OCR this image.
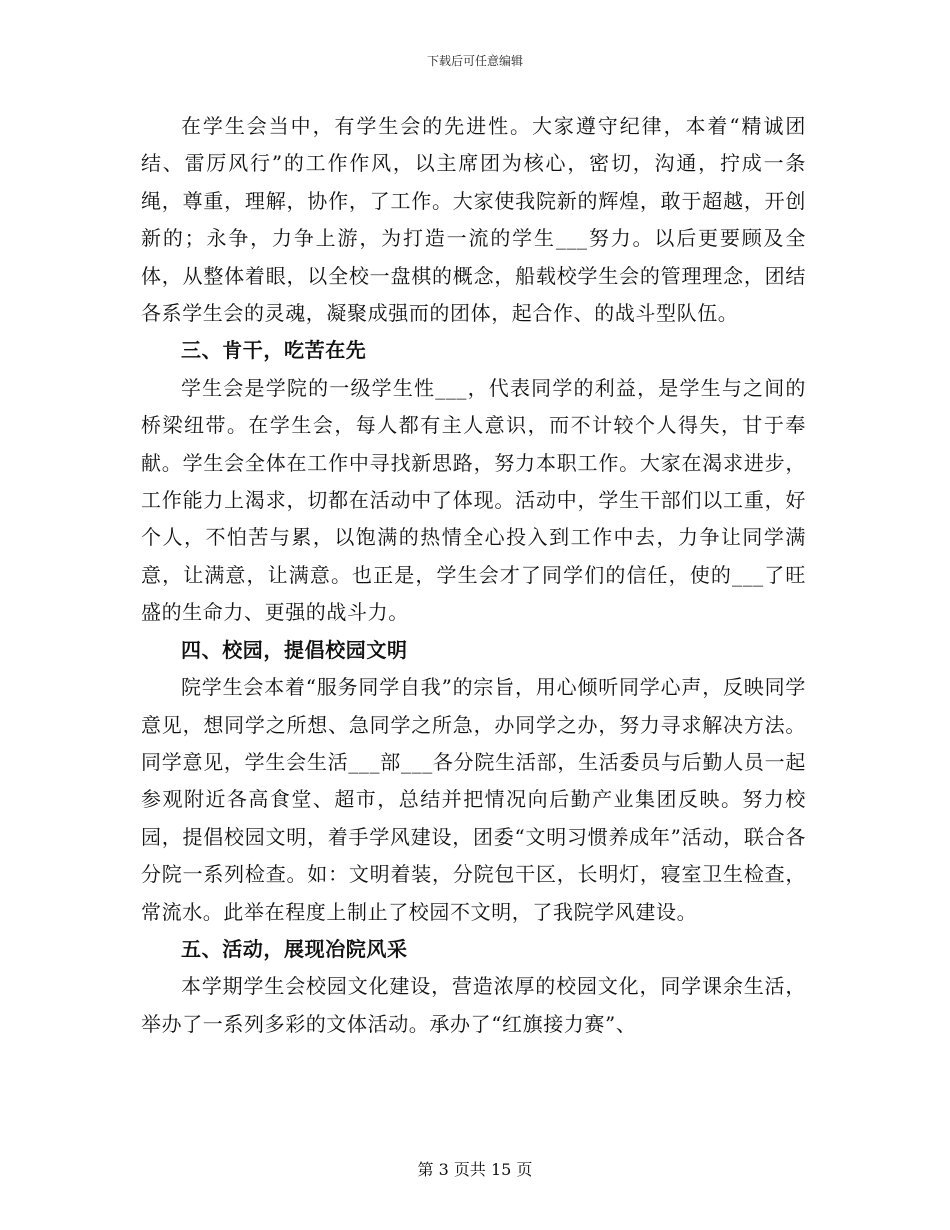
下载后可任意编辑

在学生会当中，有学生会的先进性。大家遵守纪律，本着“精诚团结、雷厉风行”的工作作风，以主席团为核心，密切，沟通，拧成一条绳，尊重，理解，协作，了工作。大家使我院新的辉煌，敢于超越，开创新的；永争，力争上游，为打造一流的学生___努力。以后更要顾及全体，从整体着眼，以全校一盘棋的概念，船载校学生会的管理理念，团结各系学生会的灵魂，凝聚成强而的团体，起合作、的战斗型队伍。

三、肯干，吃苦在先

学生会是学院的一级学生性___，代表同学的利益，是学生与之间的桥梁纽带。在学生会，每人都有主人意识，而不计较个人得失，甘于奉献。学生会全体在工作中寻找新思路，努力本职工作。大家在渴求进步，工作能力上渴求，切都在活动中了体现。活动中，学生干部们以工重，好个人，不怕苦与累，以饱满的热情全心投入到工作中去，力争让同学满意，让满意，让满意。也正是，学生会才了同学们的信任，使的___了旺盛的生命力、更强的战斗力。

四、校园，提倡校园文明

院学生会本着“服务同学自我”的宗旨，用心倾听同学心声，反映同学意见，想同学之所想、急同学之所急，办同学之办，努力寻求解决方法。同学意见，学生会生活___部___各分院生活部，生活委员与后勤人员一起参观附近各高食堂、超市，总结并把情况向后勤产业集团反映。努力校园，提倡校园文明，着手学风建设，团委“文明习惯养成年”活动，联合各分院一系列检查。如：文明着装，分院包干区，长明灯，寝室卫生检查，常流水。此举在程度上制止了校园不文明，了我院学风建设。

五、活动，展现冶院风采

本学期学生会校园文化建设，营造浓厚的校园文化，同学课余生活，举办了一系列多彩的文体活动。承办了“红旗接力赛”、

第 3 页共 15 页
